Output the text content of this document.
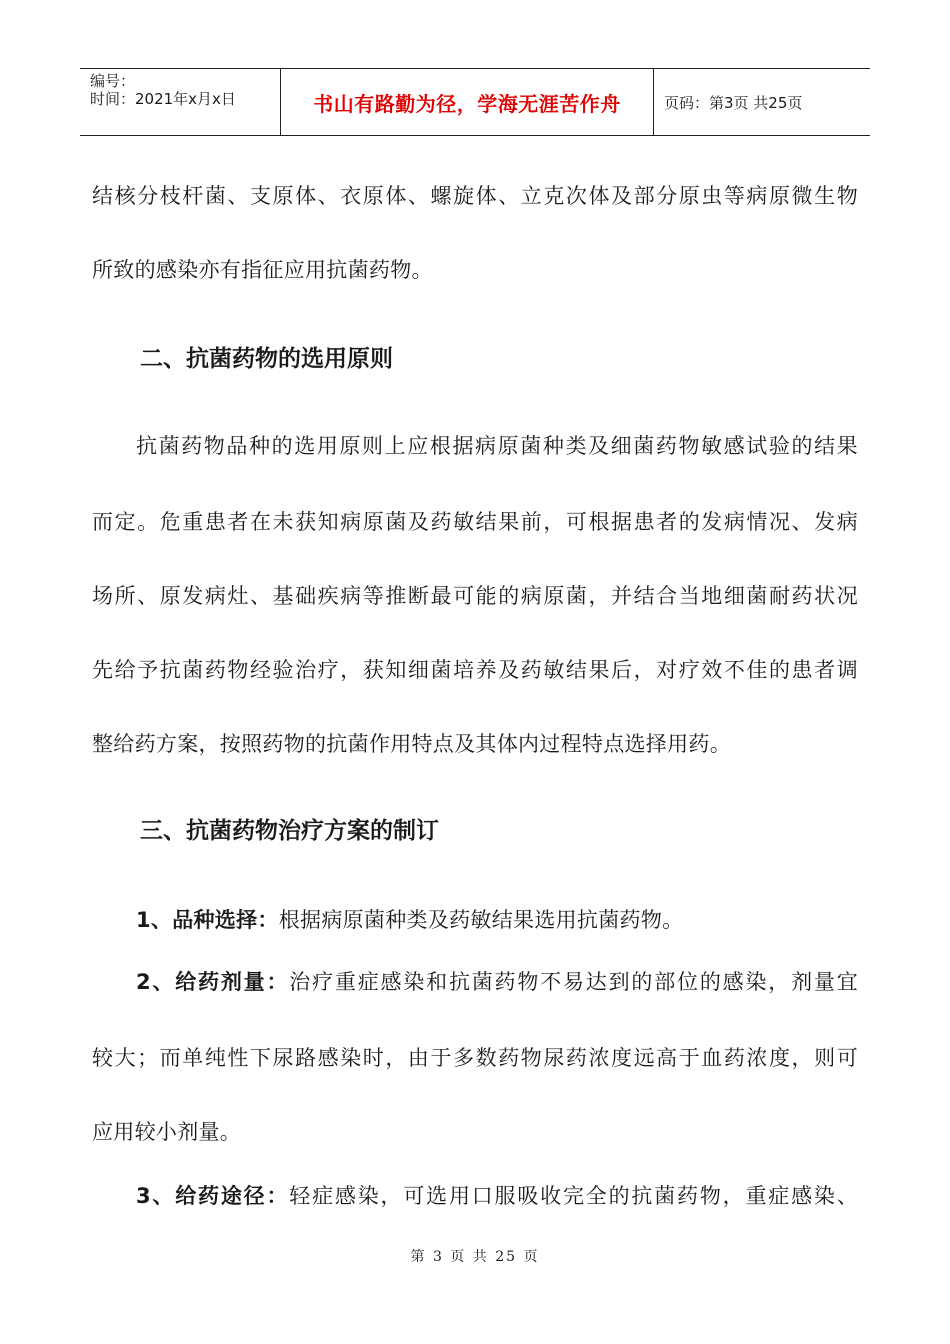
编号：
时间：2021年x月x日	书山有路勤为径，学海无涯苦作舟	页码：第3页 共25页
结核分枝杆菌、支原体、衣原体、螺旋体、立克次体及部分原虫等病原微生物
所致的感染亦有指征应用抗菌药物。
二、抗菌药物的选用原则
抗菌药物品种的选用原则上应根据病原菌种类及细菌药物敏感试验的结果
而定。危重患者在未获知病原菌及药敏结果前，可根据患者的发病情况、发病
场所、原发病灶、基础疾病等推断最可能的病原菌，并结合当地细菌耐药状况
先给予抗菌药物经验治疗，获知细菌培养及药敏结果后，对疗效不佳的患者调
整给药方案，按照药物的抗菌作用特点及其体内过程特点选择用药。
三、抗菌药物治疗方案的制订
1、品种选择：根据病原菌种类及药敏结果选用抗菌药物。
2、给药剂量：治疗重症感染和抗菌药物不易达到的部位的感染，剂量宜
较大；而单纯性下尿路感染时，由于多数药物尿药浓度远高于血药浓度，则可
应用较小剂量。
3、给药途径：轻症感染，可选用口服吸收完全的抗菌药物，重症感染、
第 3 页 共 25 页
